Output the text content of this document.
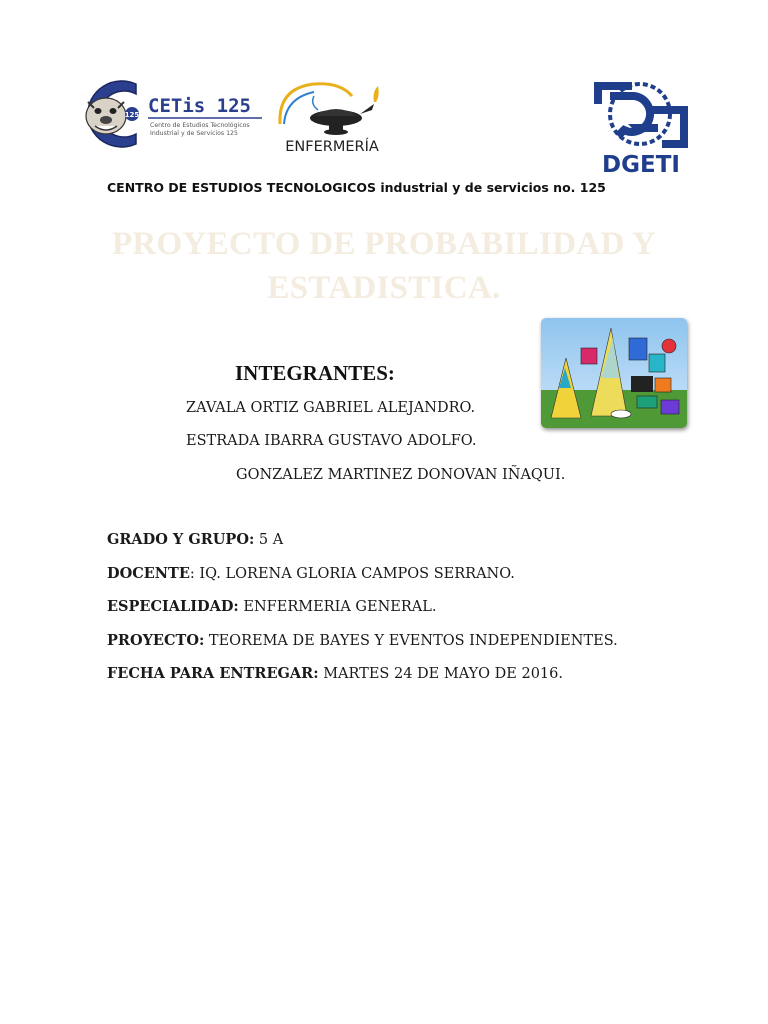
125 CETis 125
Centro de Estudios Tecnológicos
Industrial y de Servicios 125
ENFERMERÍA
DGETI
CENTRO DE ESTUDIOS TECNOLOGICOS industrial y de servicios no. 125
PROYECTO DE PROBABILIDAD Y
ESTADISTICA.
INTEGRANTES:
ZAVALA ORTIZ GABRIEL ALEJANDRO.
ESTRADA IBARRA GUSTAVO ADOLFO.
GONZALEZ MARTINEZ DONOVAN IÑAQUI.
GRADO Y GRUPO: 5 A
DOCENTE: IQ. LORENA GLORIA CAMPOS SERRANO.
ESPECIALIDAD: ENFERMERIA GENERAL.
PROYECTO: TEOREMA DE BAYES Y EVENTOS INDEPENDIENTES.
FECHA PARA ENTREGAR: MARTES 24 DE MAYO DE 2016.
